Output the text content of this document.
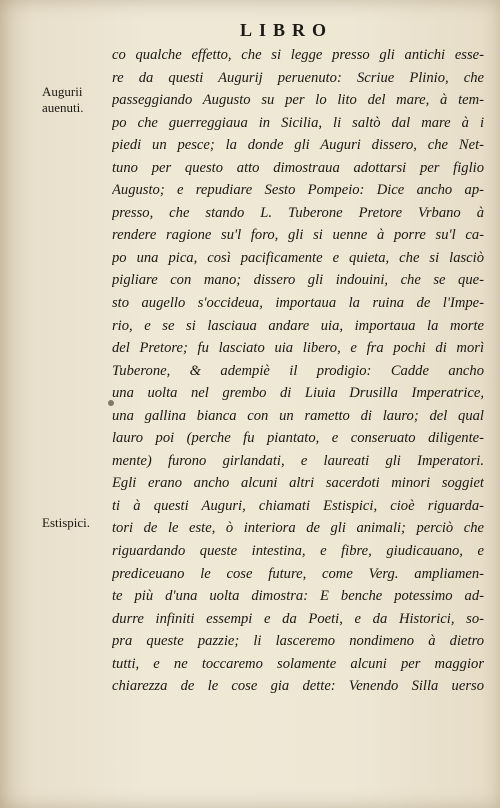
LIBRO
Augurii
auenuti.
Estispici.
co qualche effetto, che si legge presso gli antichi esse-
re da questi Augurij peruenuto: Scriue Plinio, che
passeggiando Augusto su per lo lito del mare, à tem-
po che guerreggiaua in Sicilia, li saltò dal mare à i
piedi un pesce; la donde gli Auguri dissero, che Net-
tuno per questo atto dimostraua adottarsi per figlio
Augusto; e repudiare Sesto Pompeio: Dice ancho ap-
presso, che stando L. Tuberone Pretore Vrbano à
rendere ragione su'l foro, gli si uenne à porre su'l ca-
po una pica, così pacificamente e quieta, che si lasciò
pigliare con mano; dissero gli indouini, che se que-
sto augello s'occideua, importaua la ruina de l'Impe-
rio, e se si lasciaua andare uia, importaua la morte
del Pretore; fu lasciato uia libero, e fra pochi di morì
Tuberone, & adempiè il prodigio: Cadde ancho
una uolta nel grembo di Liuia Drusilla Imperatrice,
una gallina bianca con un rametto di lauro; del qual
lauro poi (perche fu piantato, e conseruato diligente-
mente) furono girlandati, e laureati gli Imperatori.
Egli erano ancho alcuni altri sacerdoti minori soggiet
ti à questi Auguri, chiamati Estispici, cioè riguarda-
tori de le este, ò interiora de gli animali; perciò che
riguardando queste intestina, e fibre, giudicauano, e
prediceuano le cose future, come Verg. ampliamen-
te più d'una uolta dimostra: E benche potessimo ad-
durre infiniti essempi e da Poeti, e da Historici, so-
pra queste pazzie; li lasceremo nondimeno à dietro
tutti, e ne toccaremo solamente alcuni per maggior
chiarezza de le cose gia dette: Venendo Silla uerso
